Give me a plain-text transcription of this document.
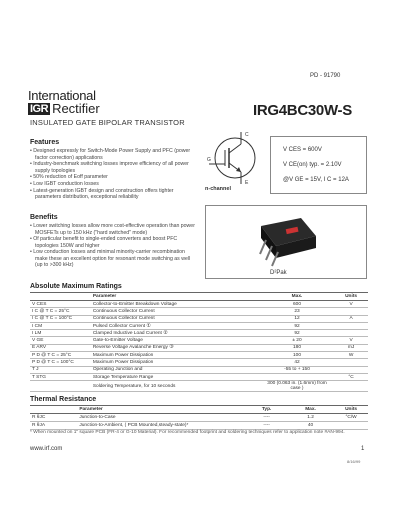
PD - 91790
International
IGR Rectifier	IRG4BC30W-S
INSULATED GATE BIPOLAR TRANSISTOR
Features
• Designed expressly for Switch-Mode Power Supply and PFC (power factor correction) applications
• Industry-benchmark switching losses improve efficiency of all power supply topologies
• 50% reduction of Eoff parameter
• Low IGBT conduction losses
• Latest-generation IGBT design and construction offers tighter parameters distribution, exceptional reliability
Benefits
• Lower switching losses allow more cost-effective operation than power MOSFETs up to 150 kHz ("hard switched" mode)
• Of particular benefit to single-ended converters and boost PFC topologies 150W and higher
• Low conduction losses and minimal minority-carrier recombination make these an excellent option for resonant mode switching as well (up to >300 kHz)
C
G
E
n-channel
V CES = 600V
V CE(on) typ. = 2.10V
@V GE = 15V, I C = 12A
D²Pak
Absolute Maximum Ratings
	Parameter	Max.	Units
V CES	Collector-to-Emitter Breakdown Voltage	600	V
I C @ T C = 25°C	Continuous Collector Current	23	
I C @ T C = 100°C	Continuous Collector Current	12	A
I CM	Pulsed Collector Current ①	92	
I LM	Clamped Inductive Load Current ②	92	
V GE	Gate-to-Emitter Voltage	± 20	V
E ARV	Reverse Voltage Avalanche Energy ③	180	mJ
P D @ T C = 25°C	Maximum Power Dissipation	100	W
P D @ T C = 100°C	Maximum Power Dissipation	42	
T J	Operating Junction and	-55 to + 150	
T STG	Storage Temperature Range		°C
	Soldering Temperature, for 10 seconds	300 (0.063 in. (1.6mm) from case )	
Thermal Resistance
	Parameter	Typ.	Max.	Units
R θJC	Junction-to-Case	----	1.2	°C/W
R θJA	Junction-to-Ambient, ( PCB Mounted,steady-state)*	----	40	
* When mounted on 1" square PCB (FR-4 or G-10 Material). For recommended footprint and soldering techniques refer to application note #AN-994.
www.irf.com	1
8/16/99
